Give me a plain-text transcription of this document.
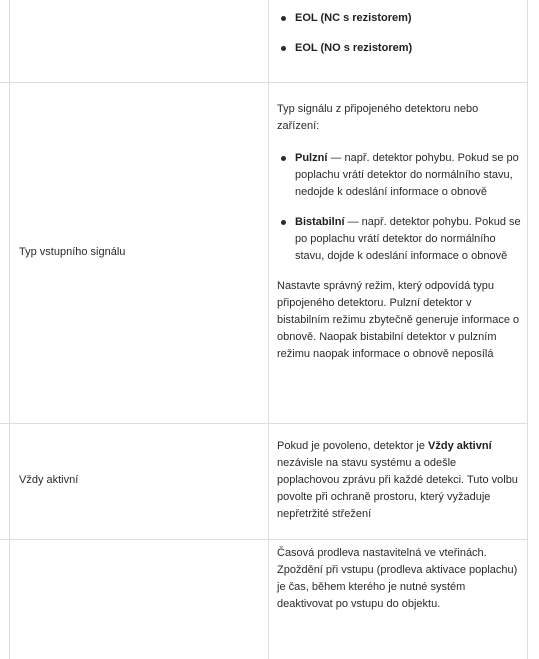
EOL (NC s rezistorem)
EOL (NO s rezistorem)
Typ vstupního signálu

Typ signálu z připojeného detektoru nebo zařízení:

Pulzní — např. detektor pohybu. Pokud se po poplachu vrátí detektor do normálního stavu, nedojde k odeslání informace o obnově
Bistabilní — např. detektor pohybu. Pokud se po poplachu vrátí detektor do normálního stavu, dojde k odeslání informace o obnově

Nastavte správný režim, který odpovídá typu připojeného detektoru. Pulzní detektor v bistabilním režimu zbytečně generuje informace o obnově. Naopak bistabilní detektor v pulzním režimu naopak informace o obnově neposílá

Vždy aktivní

Pokud je povoleno, detektor je Vždy aktivní nezávisle na stavu systému a odešle poplachovou zprávu při každé detekci. Tuto volbu povolte při ochraně prostoru, který vyžaduje nepřetržité střežení

Časová prodleva nastavitelná ve vteřinách. Zpoždění při vstupu (prodleva aktivace poplachu) je čas, během kterého je nutné systém deaktivovat po vstupu do objektu.
